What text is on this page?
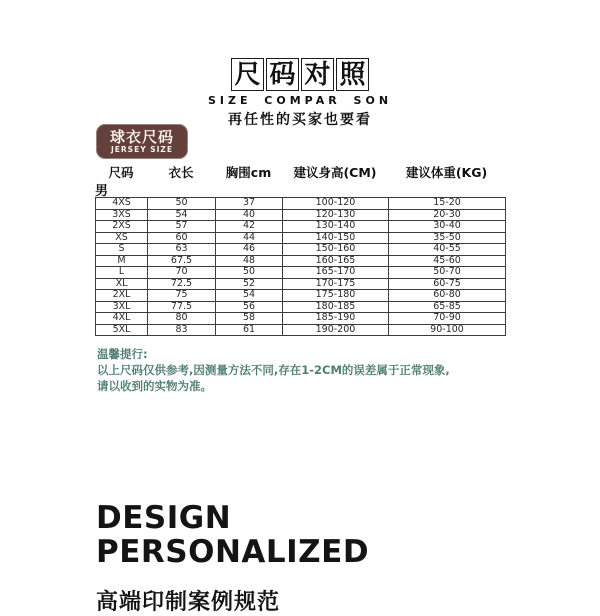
尺 码 对 照
SIZE COMPAR SON
再任性的买家也要看
球衣尺码
JERSEY SIZE
尺码	衣长	胸围cm	建议身高(CM)	建议体重(KG)
男
4XS	50	37	100-120	15-20
3XS	54	40	120-130	20-30
2XS	57	42	130-140	30-40
XS	60	44	140-150	35-50
S	63	46	150-160	40-55
M	67.5	48	160-165	45-60
L	70	50	165-170	50-70
XL	72.5	52	170-175	60-75
2XL	75	54	175-180	60-80
3XL	77.5	56	180-185	65-85
4XL	80	58	185-190	70-90
5XL	83	61	190-200	90-100
温馨提行:
以上尺码仅供参考,因测量方法不同,存在1-2CM的误差属于正常现象,
请以收到的实物为准。
DESIGN
PERSONALIZED
高端印制案例规范
